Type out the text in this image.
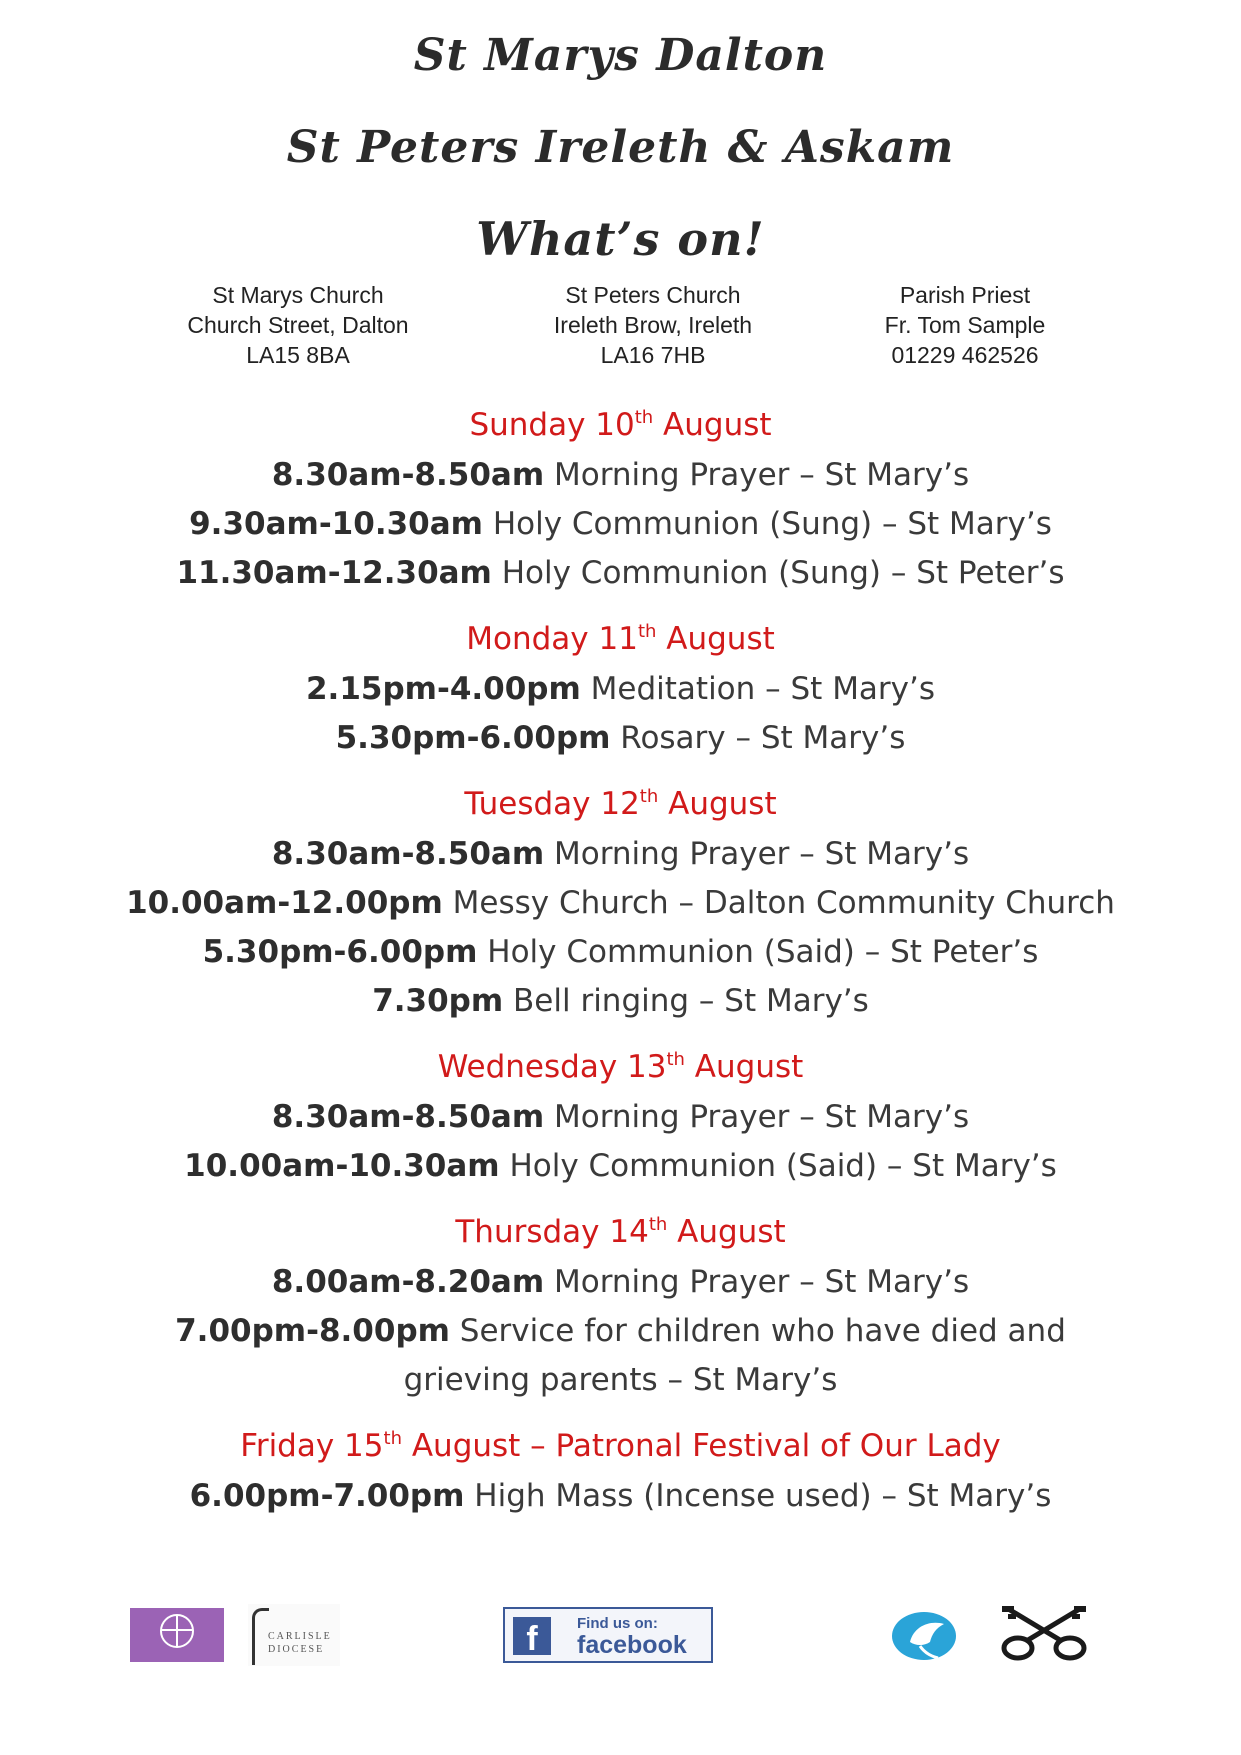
St Marys Dalton
St Peters Ireleth & Askam
What’s on!
St Marys Church
Church Street, Dalton
LA15 8BA
St Peters Church
Ireleth Brow, Ireleth
LA16 7HB
Parish Priest
Fr. Tom Sample
01229 462526
Sunday 10th August
8.30am-8.50am Morning Prayer – St Mary’s
9.30am-10.30am Holy Communion (Sung) – St Mary’s
11.30am-12.30am Holy Communion (Sung) – St Peter’s
Monday 11th August
2.15pm-4.00pm Meditation – St Mary’s
5.30pm-6.00pm Rosary – St Mary’s
Tuesday 12th August
8.30am-8.50am Morning Prayer – St Mary’s
10.00am-12.00pm Messy Church – Dalton Community Church
5.30pm-6.00pm Holy Communion (Said) – St Peter’s
7.30pm Bell ringing – St Mary’s
Wednesday 13th August
8.30am-8.50am Morning Prayer – St Mary’s
10.00am-10.30am Holy Communion (Said) – St Mary’s
Thursday 14th August
8.00am-8.20am Morning Prayer – St Mary’s
7.00pm-8.00pm Service for children who have died and
grieving parents – St Mary’s
Friday 15th August – Patronal Festival of Our Lady
6.00pm-7.00pm High Mass (Incense used) – St Mary’s
CARLISLE
DIOCESE	f	Find us on:
facebook
